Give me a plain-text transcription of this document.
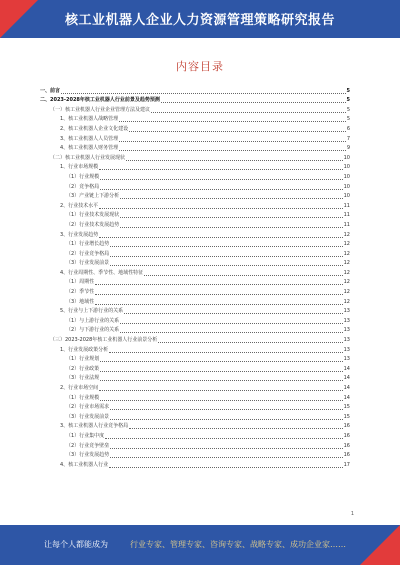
核工业机器人企业人力资源管理策略研究报告
内容目录
一、前言	5
二、2023-2028年核工业机器人行业前景及趋势预测	5
（一）核工业机器人行业企业管理方法及建议	5
1、核工业机器人战略管理	5
2、核工业机器人企业文化建设	6
3、核工业机器人人员管理	7
4、核工业机器人财务管理	9
（二）核工业机器人行业发展现状	10
1、行业市场规模	10
（1）行业规模	10
（2）竞争格局	10
（3）产业链上下游分析	10
2、行业技术水平	11
（1）行业技术发展现状	11
（2）行业技术发展趋势	11
3、行业发展趋势	12
（1）行业增长趋势	12
（2）行业竞争格局	12
（3）行业发展前景	12
4、行业周期性、季节性、地域性特征	12
（1）周期性	12
（2）季节性	12
（3）地域性	12
5、行业与上下游行业的关系	13
（1）与上游行业的关系	13
（2）与下游行业的关系	13
（三）2023-2028年核工业机器人行业前景分析	13
1、行业发展政策分析	13
（1）行业规划	13
（2）行业政策	14
（3）行业法规	14
2、行业市场空间	14
（1）行业规模	14
（2）行业市场需求	15
（3）行业发展前景	15
3、核工业机器人行业竞争格局	16
（1）行业集中度	16
（2）行业竞争壁垒	16
（3）行业发展趋势	16
4、核工业机器人行业	17
1
让每个人都能成为	行业专家、管理专家、咨询专家、战略专家、成功企业家……
